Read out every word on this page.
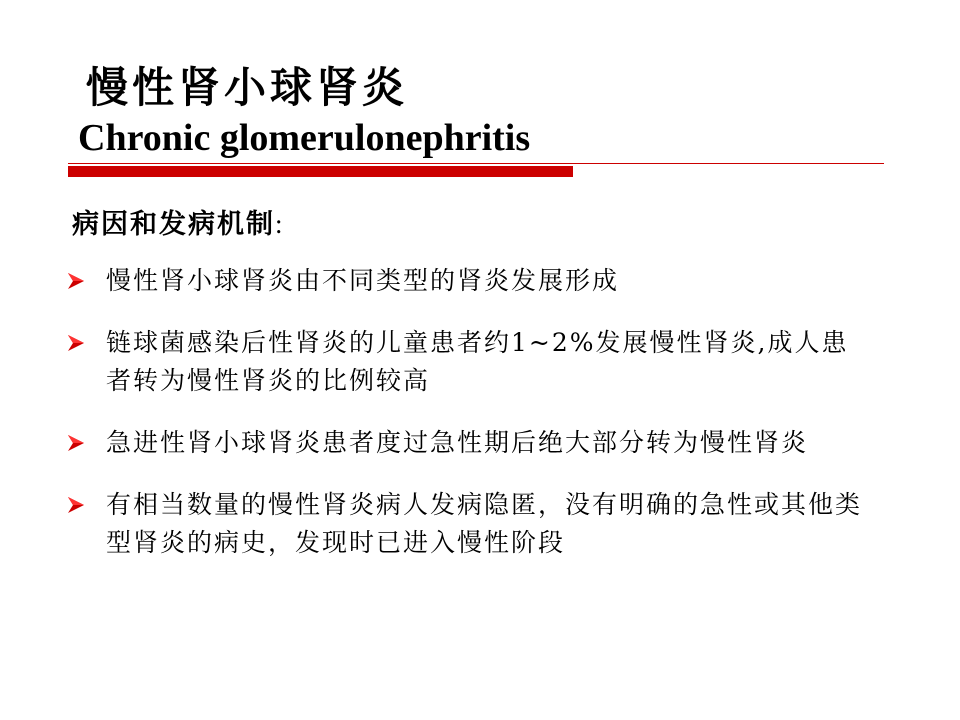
慢性肾小球肾炎
Chronic glomerulonephritis
病因和发病机制:
慢性肾小球肾炎由不同类型的肾炎发展形成
链球菌感染后性肾炎的儿童患者约1~2%发展慢性肾炎,成人患者转为慢性肾炎的比例较高
急进性肾小球肾炎患者度过急性期后绝大部分转为慢性肾炎
有相当数量的慢性肾炎病人发病隐匿，没有明确的急性或其他类型肾炎的病史，发现时已进入慢性阶段
